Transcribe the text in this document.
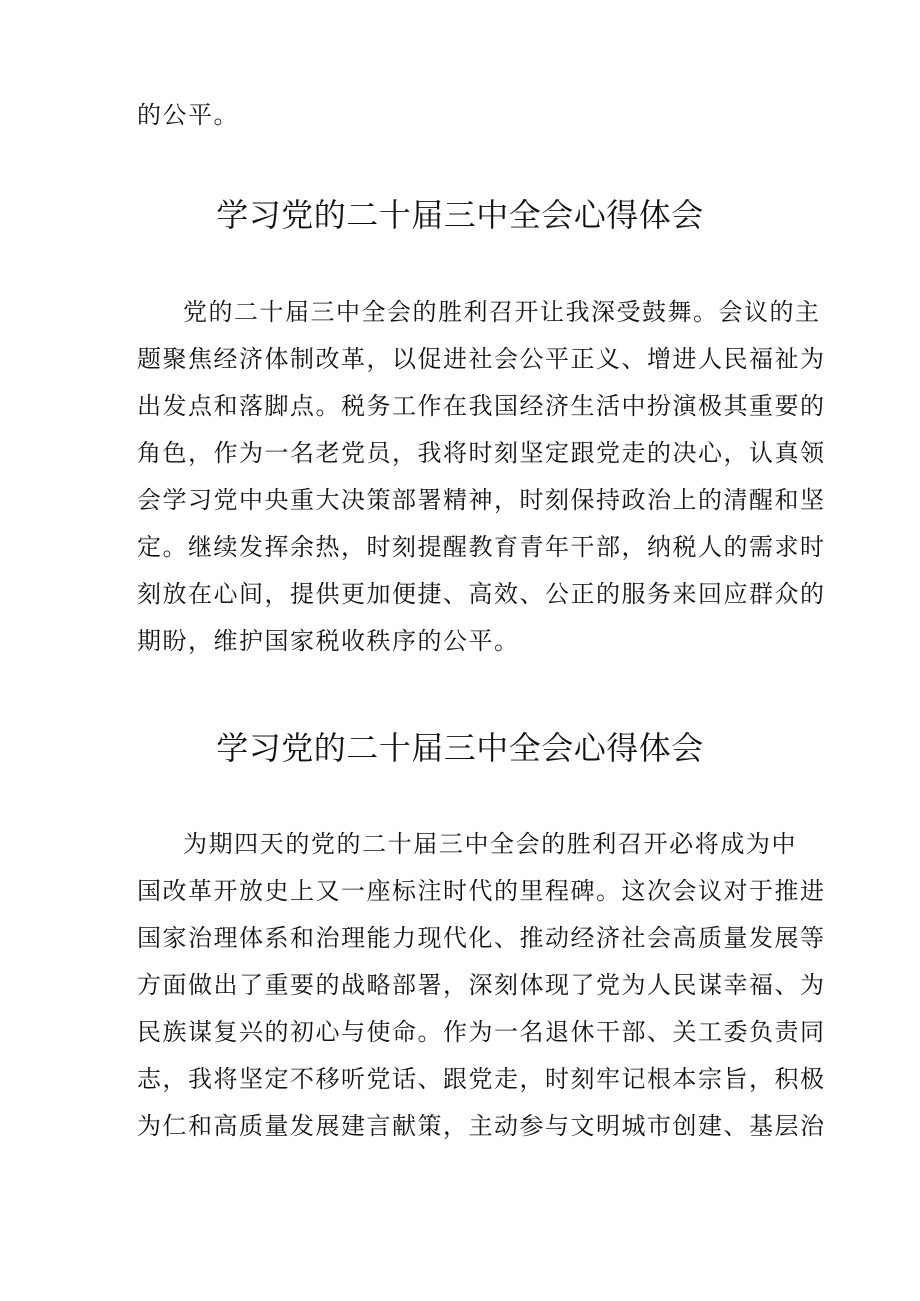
的公平。
学习党的二十届三中全会心得体会
党的二十届三中全会的胜利召开让我深受鼓舞。会议的主
题聚焦经济体制改革，以促进社会公平正义、增进人民福祉为
出发点和落脚点。税务工作在我国经济生活中扮演极其重要的
角色，作为一名老党员，我将时刻坚定跟党走的决心，认真领
会学习党中央重大决策部署精神，时刻保持政治上的清醒和坚
定。继续发挥余热，时刻提醒教育青年干部，纳税人的需求时
刻放在心间，提供更加便捷、高效、公正的服务来回应群众的
期盼，维护国家税收秩序的公平。
学习党的二十届三中全会心得体会
为期四天的党的二十届三中全会的胜利召开必将成为中
国改革开放史上又一座标注时代的里程碑。这次会议对于推进
国家治理体系和治理能力现代化、推动经济社会高质量发展等
方面做出了重要的战略部署，深刻体现了党为人民谋幸福、为
民族谋复兴的初心与使命。作为一名退休干部、关工委负责同
志，我将坚定不移听党话、跟党走，时刻牢记根本宗旨，积极
为仁和高质量发展建言献策，主动参与文明城市创建、基层治
